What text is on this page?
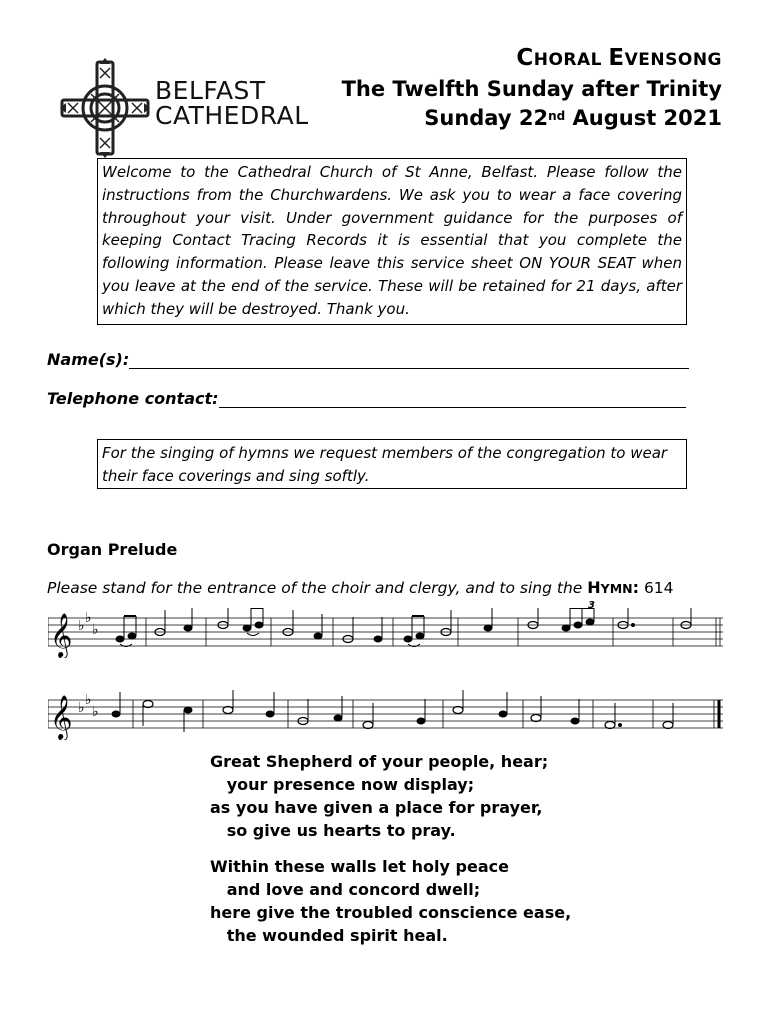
BELFAST
CATHEDRAL
CHORAL EVENSONG
The Twelfth Sunday after Trinity
Sunday 22nd August 2021
Welcome to the Cathedral Church of St Anne, Belfast. Please follow the instructions from the Churchwardens. We ask you to wear a face covering throughout your visit. Under government guidance for the purposes of keeping Contact Tracing Records it is essential that you complete the following information. Please leave this service sheet ON YOUR SEAT when you leave at the end of the service. These will be retained for 21 days, after which they will be destroyed. Thank you.
Name(s):
Telephone contact:
For the singing of hymns we request members of the congregation to wear their face coverings and sing softly.
Organ Prelude
Please stand for the entrance of the choir and clergy, and to sing the HYMN: 614
𝄞 ♭ ♭
♭
𝄞 ♭ ♭
♭
3
Great Shepherd of your people, hear;
your presence now display;
as you have given a place for prayer,
so give us hearts to pray.
Within these walls let holy peace
and love and concord dwell;
here give the troubled conscience ease,
the wounded spirit heal.
